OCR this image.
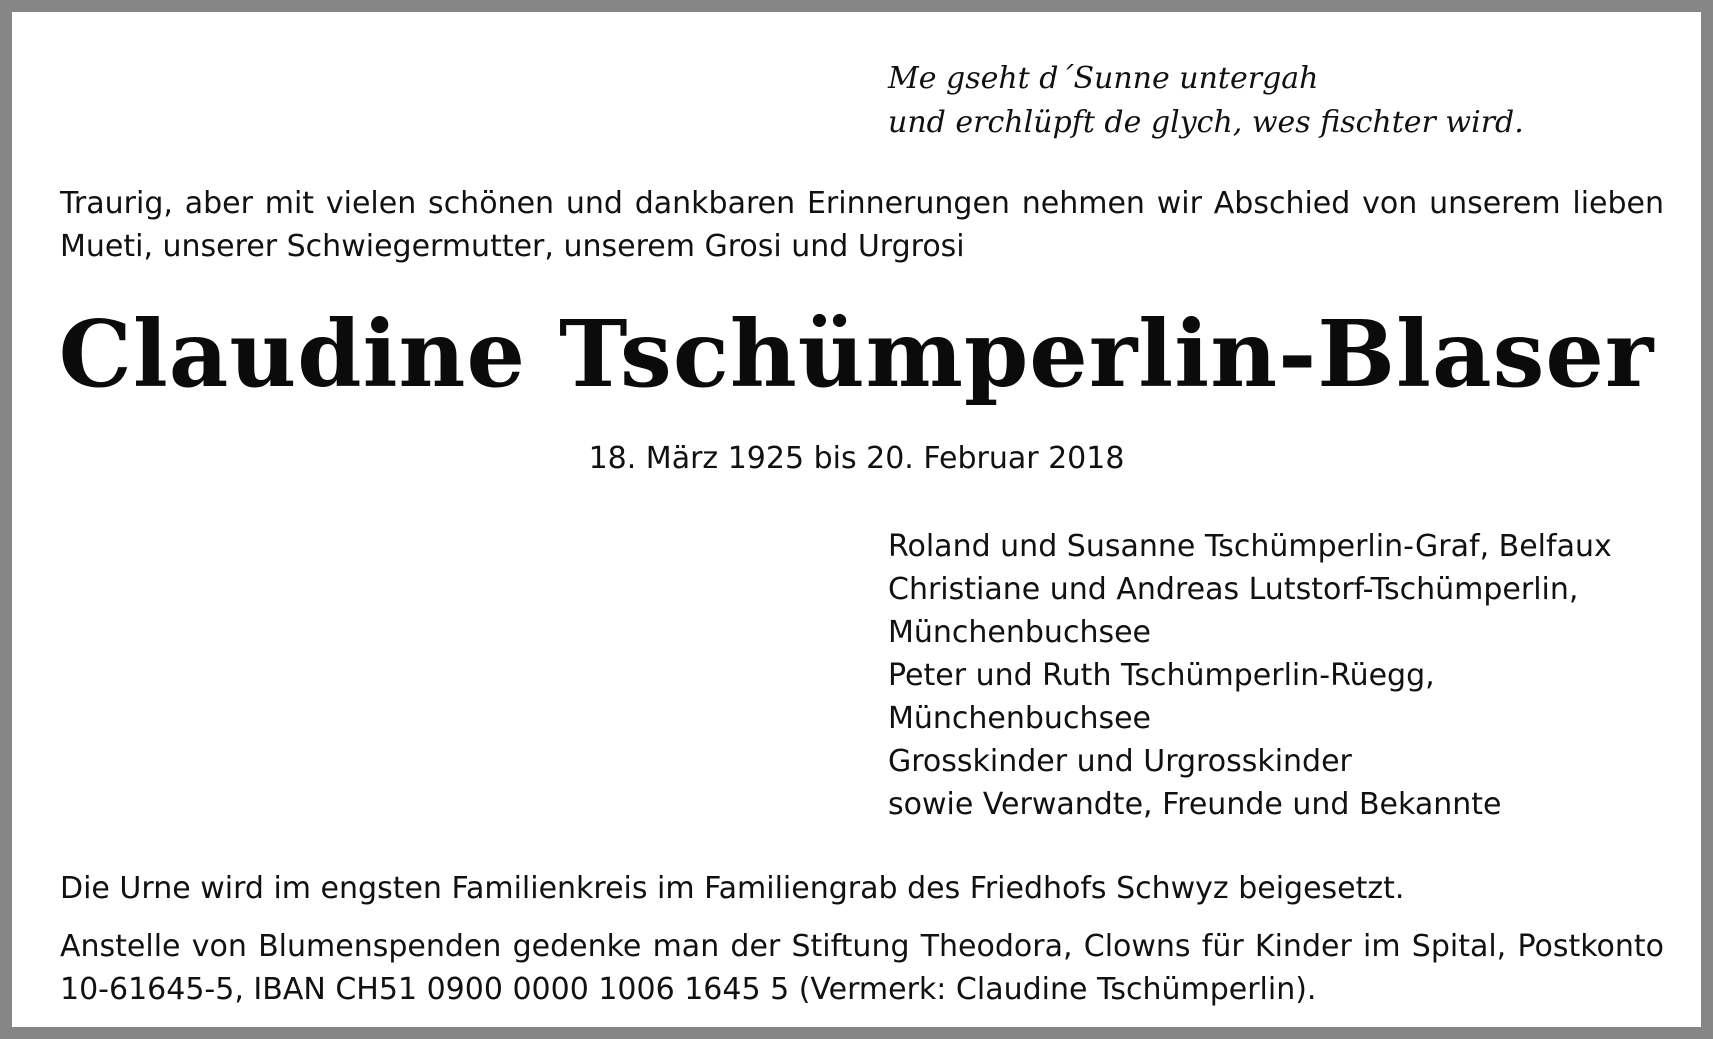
Me gseht d´Sunne untergah
und erchlüpft de glych, wes fischter wird.

Traurig, aber mit vielen schönen und dankbaren Erinnerungen nehmen wir Abschied von unserem lieben Mueti, unserer Schwiegermutter, unserem Grosi und Urgrosi

Claudine Tschümperlin-Blaser

18. März 1925 bis 20. Februar 2018

Roland und Susanne Tschümperlin-Graf, Belfaux
Christiane und Andreas Lutstorf-Tschümperlin,
Münchenbuchsee
Peter und Ruth Tschümperlin-Rüegg,
Münchenbuchsee
Grosskinder und Urgrosskinder
sowie Verwandte, Freunde und Bekannte

Die Urne wird im engsten Familienkreis im Familiengrab des Friedhofs Schwyz beigesetzt.

Anstelle von Blumenspenden gedenke man der Stiftung Theodora, Clowns für Kinder im Spital, Postkonto 10-61645-5, IBAN CH51 0900 0000 1006 1645 5 (Vermerk: Claudine Tschümperlin).
